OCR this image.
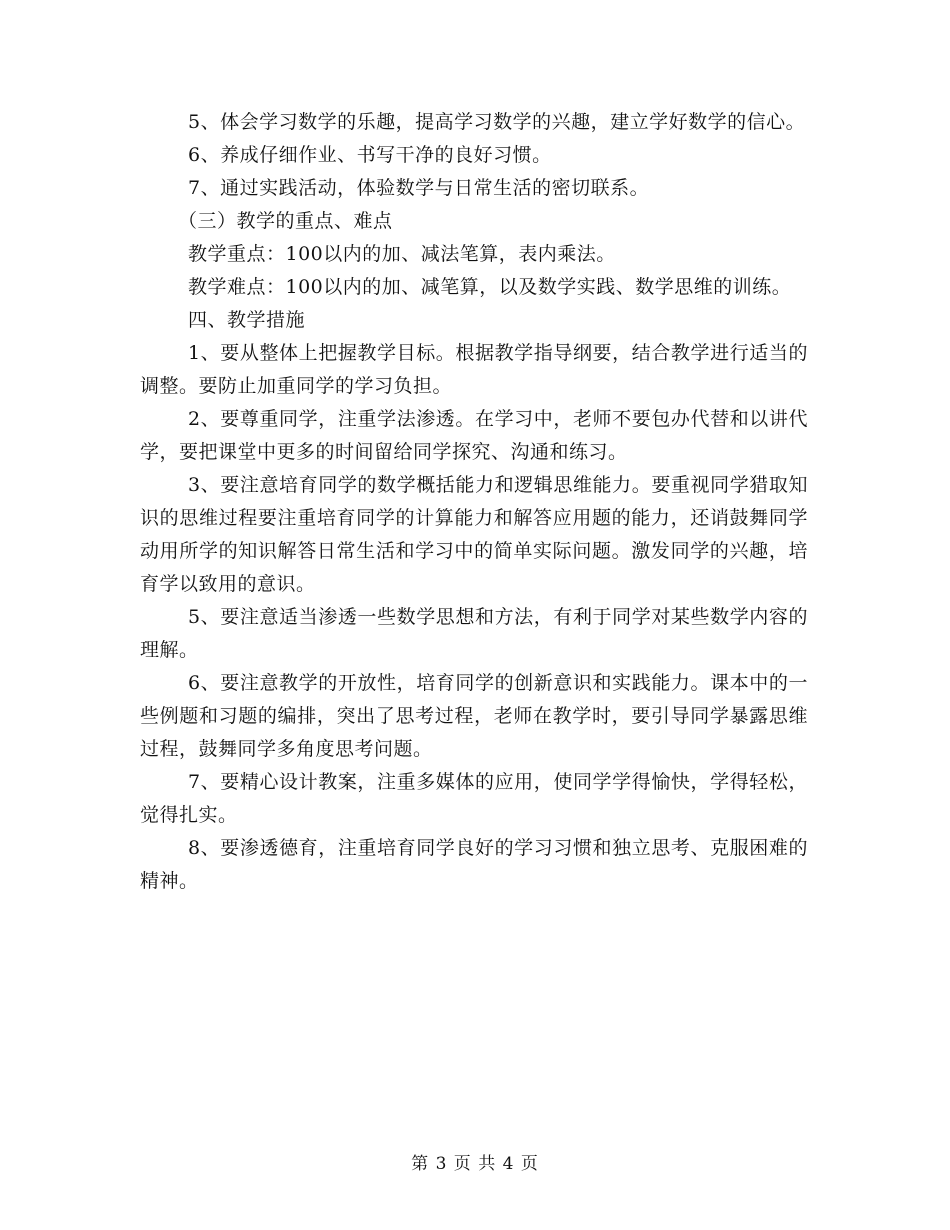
5、体会学习数学的乐趣，提高学习数学的兴趣，建立学好数学的信心。

6、养成仔细作业、书写干净的良好习惯。

7、通过实践活动，体验数学与日常生活的密切联系。

（三）教学的重点、难点

教学重点：100以内的加、减法笔算，表内乘法。

教学难点：100以内的加、减笔算，以及数学实践、数学思维的训练。

四、教学措施

1、要从整体上把握教学目标。根据教学指导纲要，结合教学进行适当的调整。要防止加重同学的学习负担。

2、要尊重同学，注重学法渗透。在学习中，老师不要包办代替和以讲代学，要把课堂中更多的时间留给同学探究、沟通和练习。

3、要注意培育同学的数学概括能力和逻辑思维能力。要重视同学猎取知识的思维过程要注重培育同学的计算能力和解答应用题的能力，还诮鼓舞同学动用所学的知识解答日常生活和学习中的简单实际问题。激发同学的兴趣，培育学以致用的意识。

5、要注意适当渗透一些数学思想和方法，有利于同学对某些数学内容的理解。

6、要注意教学的开放性，培育同学的创新意识和实践能力。课本中的一些例题和习题的编排，突出了思考过程，老师在教学时，要引导同学暴露思维过程，鼓舞同学多角度思考问题。

7、要精心设计教案，注重多媒体的应用，使同学学得愉快，学得轻松，觉得扎实。

8、要渗透德育，注重培育同学良好的学习习惯和独立思考、克服困难的精神。

第 3 页 共 4 页
